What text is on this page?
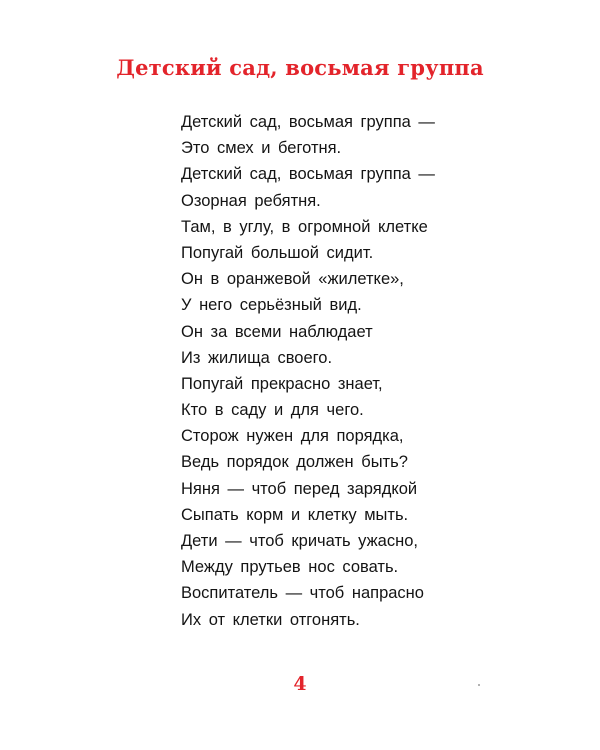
Детский сад, восьмая группа
Детский сад, восьмая группа —
Это смех и беготня.
Детский сад, восьмая группа —
Озорная ребятня.
Там, в углу, в огромной клетке
Попугай большой сидит.
Он в оранжевой «жилетке»,
У него серьёзный вид.
Он за всеми наблюдает
Из жилища своего.
Попугай прекрасно знает,
Кто в саду и для чего.
Сторож нужен для порядка,
Ведь порядок должен быть?
Няня — чтоб перед зарядкой
Сыпать корм и клетку мыть.
Дети — чтоб кричать ужасно,
Между прутьев нос совать.
Воспитатель — чтоб напрасно
Их от клетки отгонять.
4
